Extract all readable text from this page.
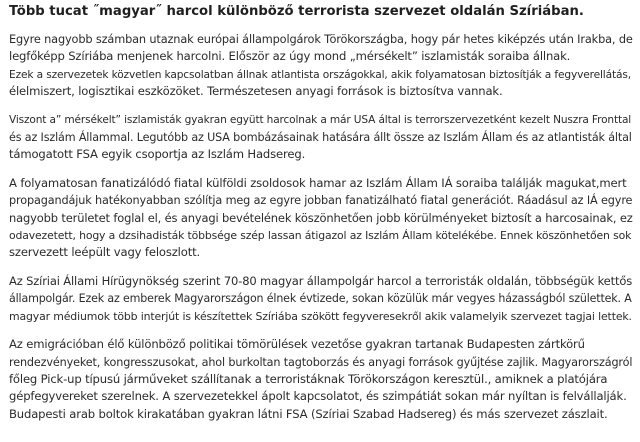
Több tucat ˝magyar˝ harcol különböző terrorista szervezet oldalán Szíriában.
Egyre nagyobb számban utaznak európai állampolgárok Törökországba, hogy pár hetes kiképzés után Irakba, de
legfőképp Szíriába menjenek harcolni. Először az úgy mond „mérsékelt” iszlamisták soraiba állnak.
Ezek a szervezetek közvetlen kapcsolatban állnak atlantista országokkal, akik folyamatosan biztosítják a fegyverellátás,
élelmiszert, logisztikai eszközöket. Természetesen anyagi források is biztosítva vannak.
Viszont a” mérsékelt” iszlamisták gyakran együtt harcolnak a már USA által is terrorszervezetként kezelt Nuszra Fronttal
és az Iszlám Állammal. Legutóbb az USA bombázásainak hatására állt össze az Iszlám Állam és az atlantisták által
támogatott FSA egyik csoportja az Iszlám Hadsereg.
A folyamatosan fanatizálódó fiatal külföldi zsoldosok hamar az Iszlám Állam IÁ soraiba találják magukat,mert
propagandájuk hatékonyabban szólítja meg az egyre jobban fanatizálható fiatal generációt. Ráadásul az IÁ egyre
nagyobb területet foglal el, és anyagi bevételének köszönhetően jobb körülményeket biztosít a harcosainak, ez
odavezetett, hogy a dzsihadisták többsége szép lassan átigazol az Iszlám Állam kötelékébe. Ennek köszönhetően sok
szervezett leépült vagy feloszlott.
Az Szíriai Állami Hírügynökség szerint 70-80 magyar állampolgár harcol a terroristák oldalán, többségük kettős
állampolgár. Ezek az emberek Magyarországon élnek évtizede, sokan közülük már vegyes házasságból születtek. A
magyar médiumok több interjút is készítettek Szíriába szökött fegyveresekről akik valamelyik szervezet tagjai lettek.
Az emigrációban élő különböző politikai tömörülések vezetőse gyakran tartanak Budapesten zártkörű
rendezvényeket, kongresszusokat, ahol burkoltan tagtoborzás és anyagi források gyűjtése zajlik. Magyarországról
főleg Pick-up típusú járműveket szállítanak a terroristáknak Törökországon keresztül., amiknek a platójára
gépfegyvereket szerelnek. A szervezetekkel ápolt kapcsolatot, és szimpátiát sokan már nyíltan is felvállalják.
Budapesti arab boltok kirakatában gyakran látni FSA (Szíriai Szabad Hadsereg) és más szervezet zászlait.
